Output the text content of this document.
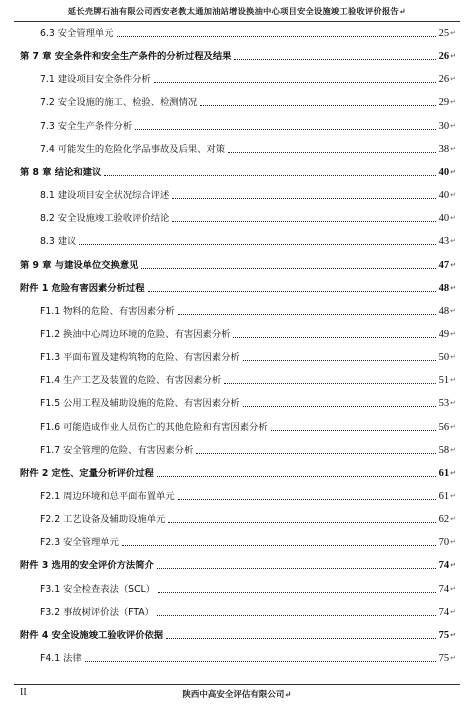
延长壳牌石油有限公司西安老教太通加油站增设换油中心项目安全设施竣工验收评价报告↵
6.3 安全管理单元	25 ↵
第 7 章 安全条件和安全生产条件的分析过程及结果	26 ↵
7.1 建设项目安全条件分析	26 ↵
7.2 安全设施的施工、检验、检测情况	29 ↵
7.3 安全生产条件分析	30 ↵
7.4 可能发生的危险化学品事故及后果、对策	38 ↵
第 8 章 结论和建议	40 ↵
8.1 建设项目安全状况综合评述	40 ↵
8.2 安全设施竣工验收评价结论	40 ↵
8.3 建议	43 ↵
第 9 章 与建设单位交换意见	47 ↵
附件 1 危险有害因素分析过程	48 ↵
F1.1 物料的危险、有害因素分析	48 ↵
F1.2 换油中心周边环境的危险、有害因素分析	49 ↵
F1.3 平面布置及建构筑物的危险、有害因素分析	50 ↵
F1.4 生产工艺及装置的危险、有害因素分析	51 ↵
F1.5 公用工程及辅助设施的危险、有害因素分析	53 ↵
F1.6 可能造成作业人员伤亡的其他危险和有害因素分析	56 ↵
F1.7 安全管理的危险、有害因素分析	58 ↵
附件 2 定性、定量分析评价过程	61 ↵
F2.1 周边环境和总平面布置单元	61 ↵
F2.2 工艺设备及辅助设施单元	62 ↵
F2.3 安全管理单元	70 ↵
附件 3 选用的安全评价方法简介	74 ↵
F3.1 安全检查表法（SCL）	74 ↵
F3.2 事故树评价法（FTA）	74 ↵
附件 4 安全设施竣工验收评价依据	75 ↵
F4.1 法律	75 ↵
II	陕西中高安全评估有限公司↵
